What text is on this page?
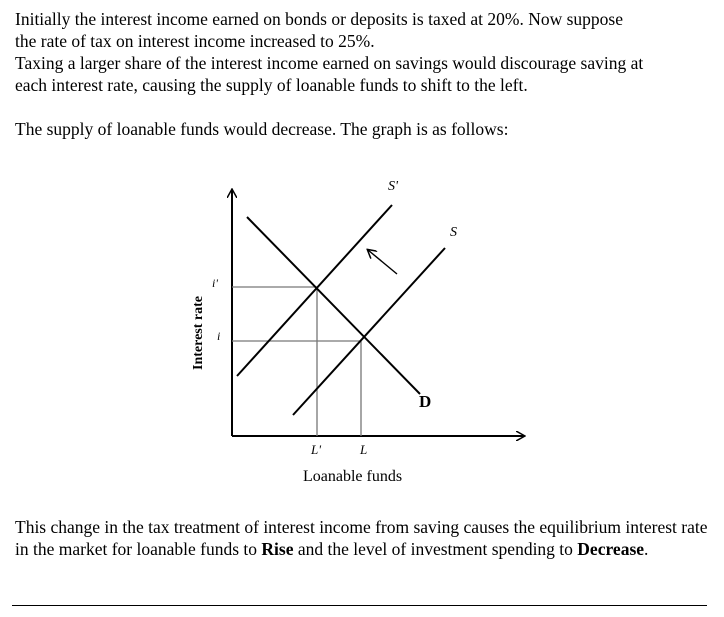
Initially the interest income earned on bonds or deposits is taxed at 20%. Now suppose
the rate of tax on interest income increased to 25%.
Taxing a larger share of the interest income earned on savings would discourage saving at
each interest rate, causing the supply of loanable funds to shift to the left.

The supply of loanable funds would decrease. The graph is as follows:

S'
S
D
i'
i
L'	L
Loanable funds
Interest rate
This change in the tax treatment of interest income from saving causes the equilibrium interest rate in the market for loanable funds to Rise and the level of investment spending to Decrease.
